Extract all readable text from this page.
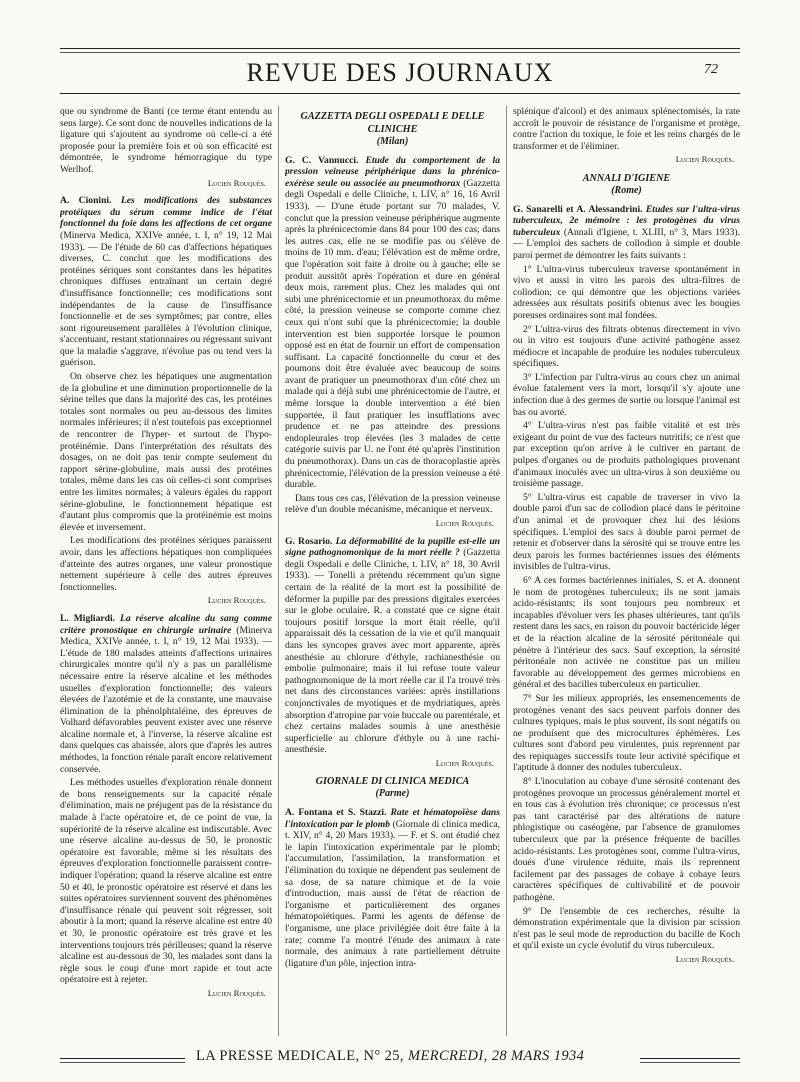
REVUE DES JOURNAUX	72

que ou syndrome de Banti (ce terme étant entendu au sens large). Ce sont donc de nouvelles indications de la ligature qui s'ajoutent au syndrome où celle-ci a été proposée pour la première fois et où son efficacité est démontrée, le syndrome hémorragique du type Werlhof.

Lucien Rouquès.

A. Cionini. Les modifications des substances protéiques du sérum comme indice de l'état fonctionnel du foie dans les affections de cet organe (Minerva Medica, XXIVe année, t. I, n° 19, 12 Mai 1933). — De l'étude de 60 cas d'affections hépatiques diverses, C. conclut que les modifications des protéines sériques sont constantes dans les hépatites chroniques diffuses entraînant un certain degré d'insuffisance fonctionnelle; ces modifications sont indépendantes de la cause de l'insuffisance fonctionnelle et de ses symptômes; par contre, elles sont rigoureusement parallèles à l'évolution clinique, s'accentuant, restant stationnaires ou régressant suivant que la maladie s'aggrave, n'évolue pas ou tend vers la guérison.

On observe chez les hépatiques une augmentation de la globuline et une diminution proportionnelle de la sérine telles que dans la majorité des cas, les protéines totales sont normales ou peu au-dessous des limites normales inférieures; il n'est toutefois pas exceptionnel de rencontrer de l'hyper- et surtout de l'hypo-protéinémie. Dans l'interprétation des résultats des dosages, on ne doit pas tenir compte seulement du rapport sérine-globuline, mais aussi des protéines totales, même dans les cas où celles-ci sont comprises entre les limites normales; à valeurs égales du rapport sérine-globuline, le fonctionnement hépatique est d'autant plus compromis que la protéinémie est moins élevée et inversement.

Les modifications des protéines sériques paraissent avoir, dans les affections hépatiques non compliquées d'atteinte des autres organes, une valeur pronostique nettement supérieure à celle des autres épreuves fonctionnelles.

Lucien Rouquès.

L. Migliardi. La réserve alcaline du sang comme critère pronostique en chirurgie urinaire (Minerva Medica, XXIVe année, t. I, n° 19, 12 Mai 1933). — L'étude de 180 malades atteints d'affections urinaires chirurgicales montre qu'il n'y a pas un parallélisme nécessaire entre la réserve alcaline et les méthodes usuelles d'exploration fonctionnelle; des valeurs élevées de l'azotémie et de la constante, une mauvaise élimination de la phénolphtaléine, des épreuves de Volhard défavorables peuvent exister avec une réserve alcaline normale et, à l'inverse, la réserve alcaline est dans quelques cas abaissée, alors que d'après les autres méthodes, la fonction rénale paraît encore relativement conservée.

Les méthodes usuelles d'exploration rénale donnent de bons renseignements sur la capacité rénale d'élimination, mais ne préjugent pas de la résistance du malade à l'acte opératoire et, de ce point de vue, la supériorité de la réserve alcaline est indiscutable. Avec une réserve alcaline au-dessus de 50, le pronostic opératoire est favorable, même si les résultats des épreuves d'exploration fonctionnelle paraissent contre-indiquer l'opération; quand la réserve alcaline est entre 50 et 40, le pronostic opératoire est réservé et dans les suites opératoires surviennent souvent des phénomènes d'insuffisance rénale qui peuvent soit régresser, soit aboutir à la mort; quand la réserve alcaline est entre 40 et 30, le pronostic opératoire est très grave et les interventions toujours très périlleuses; quand la réserve alcaline est au-dessous de 30, les malades sont dans la règle sous le coup d'une mort rapide et tout acte opératoire est à rejeter.

Lucien Rouquès.

GAZZETTA DEGLI OSPEDALI E DELLE CLINICHE
(Milan)

G. C. Vannucci. Etude du comportement de la pression veineuse périphérique dans la phrénico-exérèse seule ou associée au pneumothorax (Gazzetta degli Ospedali e delle Cliniche, t. LIV, n° 16, 16 Avril 1933). — D'une étude portant sur 70 malades, V. conclut que la pression veineuse périphérique augmente après la phrénicectomie dans 84 pour 100 des cas; dans les autres cas, elle ne se modifie pas ou s'élève de moins de 10 mm. d'eau; l'élévation est de même ordre, que l'opération soit faite à droite ou à gauche; elle se produit aussitôt après l'opération et dure en général deux mois, rarement plus. Chez les malades qui ont subi une phrénicectomie et un pneumothorax du même côté, la pression veineuse se comporte comme chez ceux qui n'ont subi que la phrénicectomie; la double intervention est bien supportée lorsque le poumon opposé est en état de fournir un effort de compensation suffisant. La capacité fonctionnelle du cœur et des poumons doit être évaluée avec beaucoup de soins avant de pratiquer un pneumothorax d'un côté chez un malade qui a déjà subi une phrénicectomie de l'autre, et même lorsque la double intervention a été bien supportée, il faut pratiquer les insufflations avec prudence et ne pas atteindre des pressions endopleurales trop élevées (les 3 malades de cette catégorie suivis par U. ne l'ont été qu'après l'institution du pneumothorax). Dans un cas de thoracoplastie après phrénicectomie, l'élévation de la pression veineuse a été durable.

Dans tous ces cas, l'élévation de la pression veineuse relève d'un double mécanisme, mécanique et nerveux.

Lucien Rouquès.

G. Rosario. La déformabilité de la pupille est-elle un signe pathognomonique de la mort réelle ? (Gazzetta degli Ospedali e delle Cliniche, t. LIV, n° 18, 30 Avril 1933). — Tonelli a prétendu récemment qu'un signe certain de la réalité de la mort est la possibilité de déformer la pupille par des pressions digitales exercées sur le globe oculaire. R. a constaté que ce signe était toujours positif lorsque la mort était réelle, qu'il apparaissait dès la cessation de la vie et qu'il manquait dans les syncopes graves avec mort apparente, après anesthésie au chlorure d'éthyle, rachianesthésie ou embolie pulmonaire; mais il lui refuse toute valeur pathognomonique de la mort réelle car il l'a trouvé très net dans des circonstances variées: après instillations conjonctivales de myotiques et de mydriatiques, après absorption d'atropine par voie buccale ou parentérale, et chez certains malades soumis à une anesthésie superficielle au chlorure d'éthyle ou à une rachi-anesthésie.

Lucien Rouquès.

GIORNALE DI CLINICA MEDICA
(Parme)

A. Fontana et S. Stazzi. Rate et hématopoïèse dans l'intoxication par le plomb (Giornale di clinica medica, t. XIV, n° 4, 20 Mars 1933). — F. et S. ont étudié chez le lapin l'intoxication expérimentale par le plomb; l'accumulation, l'assimilation, la transformation et l'élimination du toxique ne dépendent pas seulement de sa dose, de sa nature chimique et de la voie d'introduction, mais aussi de l'état de réaction de l'organisme et particulièrement des organes hématopoïétiques. Parmi les agents de défense de l'organisme, une place privilégiée doit être faite à la rate; comme l'a montré l'étude des animaux à rate normale, des animaux à rate partiellement détruite (ligature d'un pôle, injection intra-

splénique d'alcool) et des animaux splénectomisés, la rate accroît le pouvoir de résistance de l'organisme et protège, contre l'action du toxique, le foie et les reins chargés de le transformer et de l'éliminer.

Lucien Rouquès.

ANNALI D'IGIENE
(Rome)

G. Sanarelli et A. Alessandrini. Etudes sur l'ultra-virus tuberculeux, 2e mémoire : les protogènes du virus tuberculeux (Annali d'Igiene, t. XLIII, n° 3, Mars 1933). — L'emploi des sachets de collodion à simple et double paroi permet de démontrer les faits suivants :

1° L'ultra-virus tuberculeux traverse spontanément in vivo et aussi in vitro les parois des ultra-filtres de collodion; ce qui démontre que les objections variées adressées aux résultats positifs obtenus avec les bougies poreuses ordinaires sont mal fondées.

2° L'ultra-virus des filtrats obtenus directement in vivo ou in vitro est toujours d'une activité pathogène assez médiocre et incapable de produire les nodules tuberculeux spécifiques.

3° L'infection par l'ultra-virus au cours chez un animal évolue fatalement vers la mort, lorsqu'il s'y ajoute une infection due à des germes de sortie ou lorsque l'animal est bas ou avorté.

4° L'ultra-virus n'est pas faible vitalité et est très exigeant du point de vue des facteurs nutritifs; ce n'est que par exception qu'on arrive à le cultiver en partant de pulpes d'organes ou de produits pathologiques provenant d'animaux inoculés avec un ultra-virus à son deuxième ou troisième passage.

5° L'ultra-virus est capable de traverser in vivo la double paroi d'un sac de collodion placé dans le péritoine d'un animal et de provoquer chez lui des lésions spécifiques. L'emploi des sacs à double paroi permet de retenir et d'observer dans la sérosité qui se trouve entre les deux parois les formes bactériennes issues des éléments invisibles de l'ultra-virus.

6° A ces formes bactériennes initiales, S. et A. donnent le nom de protogènes tuberculeux; ils ne sont jamais acido-résistants; ils sont toujours peu nombreux et incapables d'évoluer vers les phases ultérieures, tant qu'ils restent dans les sacs, en raison du pouvoir bactéricide léger et de la réaction alcaline de la sérosité péritonéale qui pénètre à l'intérieur des sacs. Sauf exception, la sérosité péritonéale non activée ne constitue pas un milieu favorable au développement des germes microbiens en général et des bacilles tuberculeux en particulier.

7° Sur les milieux appropriés, les ensemencements de protogènes venant des sacs peuvent parfois donner des cultures typiques, mais le plus souvent, ils sont négatifs ou ne produisent que des microcultures éphémères. Les cultures sont d'abord peu virulentes, puis reprennent par des repiquages successifs toute leur activité spécifique et l'aptitude à donner des nodules tuberculeux.

8° L'inoculation au cobaye d'une sérosité contenant des protogènes provoque un processus généralement mortel et en tous cas à évolution très chronique; ce processus n'est pas tant caractérisé par des altérations de nature phlogistique ou caséogène, par l'absence de granulomes tuberculeux que par la présence fréquente de bacilles acido-résistants. Les protogènes sont, comme l'ultra-virus, doués d'une virulence réduite, mais ils reprennent facilement par des passages de cobaye à cobaye leurs caractères spécifiques de cultivabilité et de pouvoir pathogène.

9° De l'ensemble de ces recherches, résulte la démonstration expérimentale que la division par scission n'est pas le seul mode de reproduction du bacille de Koch et qu'il existe un cycle évolutif du virus tuberculeux.

Lucien Rouquès.

LA PRESSE MEDICALE, N° 25, MERCREDI, 28 MARS 1934
